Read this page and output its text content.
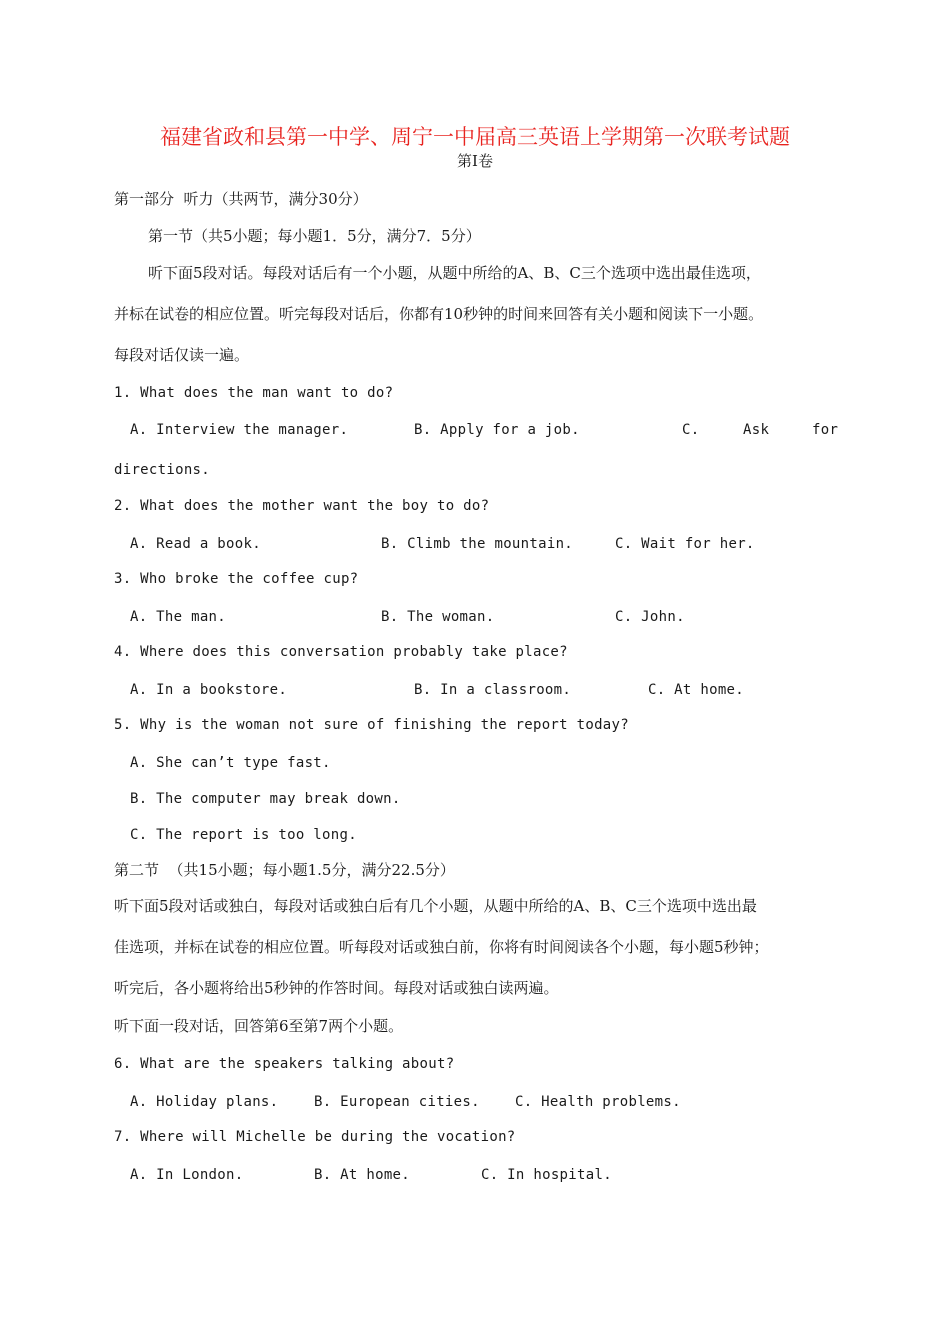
福建省政和县第一中学、周宁一中届高三英语上学期第一次联考试题
第Ⅰ卷
第一部分  听力（共两节，满分30分）
第一节（共5小题；每小题1．5分，满分7．5分）
听下面5段对话。每段对话后有一个小题，从题中所给的A、B、C三个选项中选出最佳选项，
并标在试卷的相应位置。听完每段对话后，你都有10秒钟的时间来回答有关小题和阅读下一小题。
每段对话仅读一遍。
1. What does the man want to do?
A. Interview the manager.	B. Apply for a job.	C.	Ask	for
directions.
2. What does the mother want the boy to do?
A. Read a book.	B. Climb the mountain.	C. Wait for her.
3. Who broke the coffee cup?
A. The man.	B. The woman.	C. John.
4. Where does this conversation probably take place?
A. In a bookstore.	B. In a classroom.	C. At home.
5. Why is the woman not sure of finishing the report today?
A. She can’t type fast.
B. The computer may break down.
C. The report is too long.
第二节  （共15小题；每小题1.5分，满分22.5分）
听下面5段对话或独白，每段对话或独白后有几个小题，从题中所给的A、B、C三个选项中选出最
佳选项，并标在试卷的相应位置。听每段对话或独白前，你将有时间阅读各个小题，每小题5秒钟；
听完后，各小题将给出5秒钟的作答时间。每段对话或独白读两遍。
听下面一段对话，回答第6至第7两个小题。
6. What are the speakers talking about?
A. Holiday plans.	B. European cities.	C. Health problems.
7. Where will Michelle be during the vocation?
A. In London.	B. At home.	C. In hospital.
